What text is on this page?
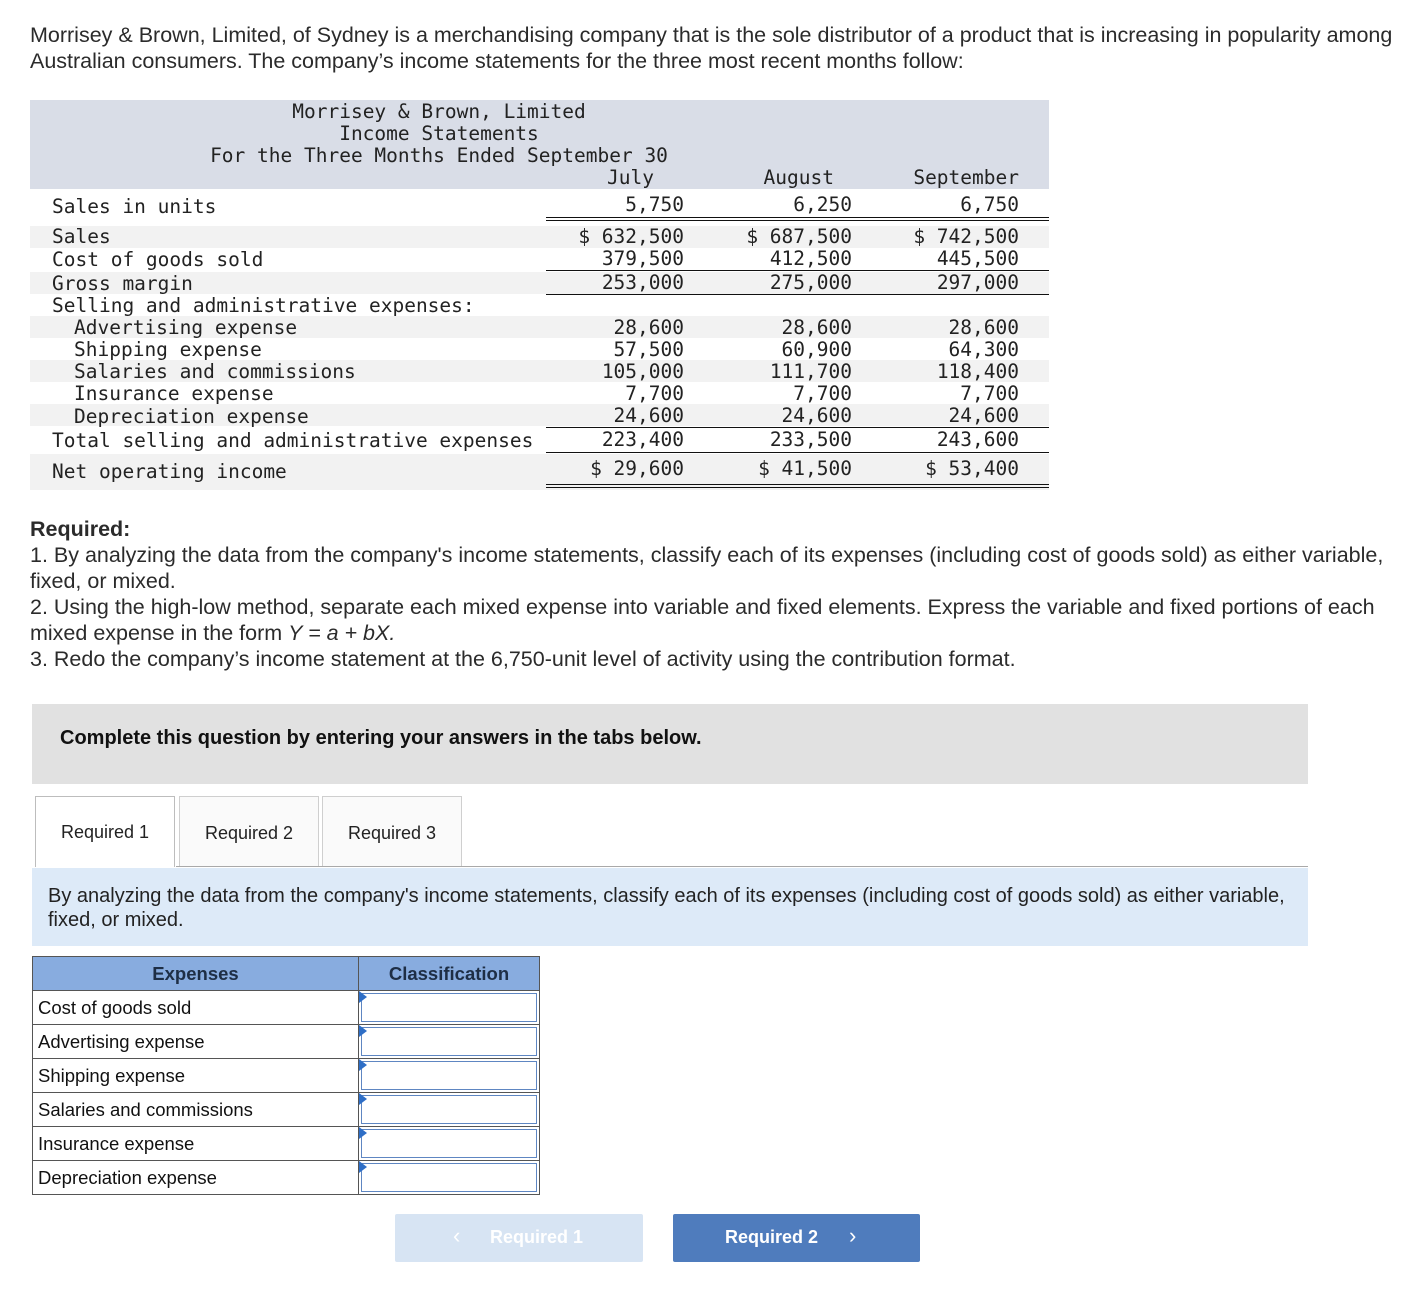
Morrisey & Brown, Limited, of Sydney is a merchandising company that is the sole distributor of a product that is increasing in popularity among Australian consumers. The company’s income statements for the three most recent months follow:

Morrisey & Brown, Limited
Income Statements
For the Three Months Ended September 30
July	August	September
Sales in units	5,750	6,250	6,750
Sales	$ 632,500	$ 687,500	$ 742,500
Cost of goods sold	379,500	412,500	445,500
Gross margin	253,000	275,000	297,000
Selling and administrative expenses:
Advertising expense	28,600	28,600	28,600
Shipping expense	57,500	60,900	64,300
Salaries and commissions	105,000	111,700	118,400
Insurance expense	7,700	7,700	7,700
Depreciation expense	24,600	24,600	24,600
Total selling and administrative expenses	223,400	233,500	243,600
Net operating income	$ 29,600	$ 41,500	$ 53,400

Required:

1. By analyzing the data from the company's income statements, classify each of its expenses (including cost of goods sold) as either variable, fixed, or mixed.

2. Using the high-low method, separate each mixed expense into variable and fixed elements. Express the variable and fixed portions of each mixed expense in the form Y = a + bX.

3. Redo the company’s income statement at the 6,750-unit level of activity using the contribution format.

Complete this question by entering your answers in the tabs below.
Required 1	Required 2	Required 3
By analyzing the data from the company's income statements, classify each of its expenses (including cost of goods sold) as either variable, fixed, or mixed.
Expenses	Classification
Cost of goods sold	

Advertising expense	

Shipping expense	

Salaries and commissions	

Insurance expense	

Depreciation expense	
‹ Required 1	Required 2 ›
